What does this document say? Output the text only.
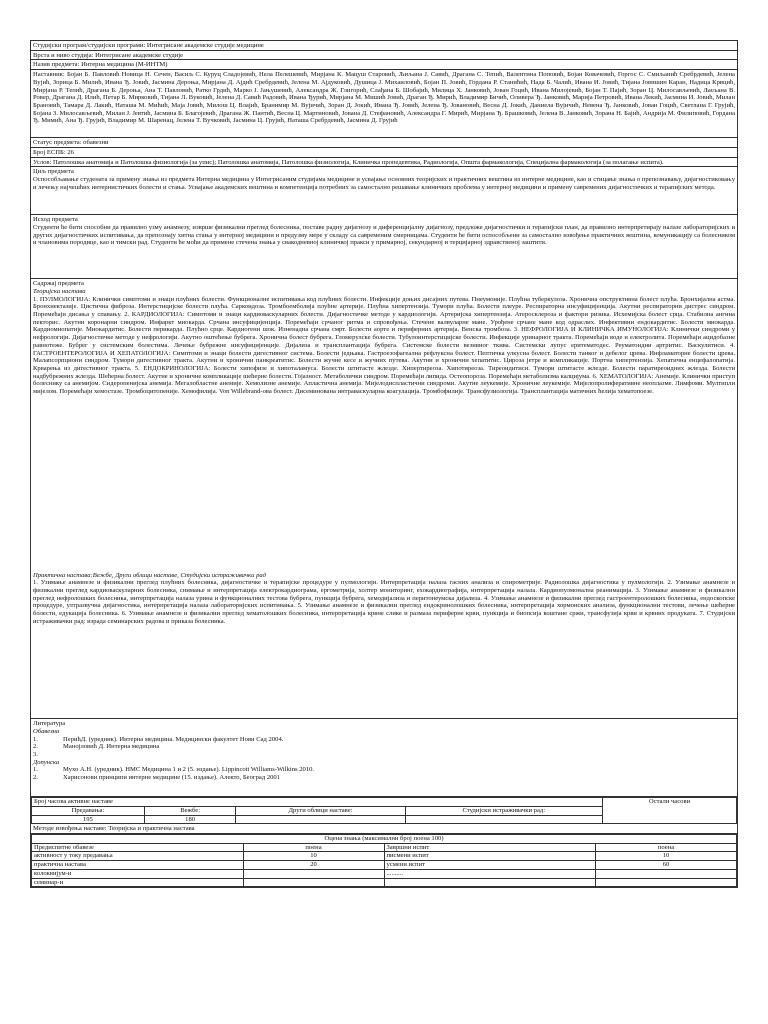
Студијски програм/студијски програми: Интегрисане академске студије медицине
Врста и ниво студија: Интегрисане академске студије
Назив предмета: Интерна медицина (М-ИНТМ)
Наставник: Бојан Б. Павловић Новица Н. Сечен, Васиљ С. Куруц Сладојевић, Нела Пелешевић, Мирјана К. Мацуш Старовић, Љиљана Ј. Савић, Драгана С. Тепић, Валентина Поповић, Бојан Ковачевић, Горгос С. Смиљанић Сребрдевић, Јелена Вујић, Зорица Б. Милић, Ивана Ђ. Јовић, Јасмина Дероња, Мирјана Д. Ајдић Сребрдевић, Јелена М. Ајдуковић, Душица Ј. Михаиловић, Бојан П. Јовић, Гордана Р. Станићић, Нада Б. Чалић, Ивана И. Јовић, Тијана Јовишин Каран, Надица Крвцић, Мирјана Р. Тепић, Драгана Б. Дероња, Ана Т. Павловић, Ратко Грдић, Марко Ј. Јањушевић, Александра Ж. Глигорић, Слађана Б. Шобајић, Милица Х. Јанковић, Јован Гоцић, Ивана Милојевић, Бојан Т. Пајић, Зоран Ц. Милосављевић, Љиљана В. Ровер, Драгана Д. Илић, Петар Б. Мирковић, Тијана Л. Вуковић, Јелена Д. Савић Радовић, Ивана Ђурић, Мирјана М. Мишић Јовић, Драган Ђ. Мирић, Владимир Бичић, Оливера Ђ. Јанковић, Марија Петровић, Ивана Лекић, Јасмина И. Јовић, Милан Брановић, Тамара Д. Лакић, Наташа М. Мићић, Маја Јовић, Милош Ц. Влајић, Бранимир М. Вујичић, Зоран Д. Јокић, Ивана Ђ. Јовић, Јелена Ђ. Јовановић, Весна Д. Јокић, Даниела Вујичић, Невена Ђ. Јанковић, Јован Гоцић, Светлана Г. Грујић, Бојана З. Милосављевић, Милан Ј. Јевтић, Јасмина Б. Благојевић, Драгана Ж. Пантић, Весна Ц. Мартиновић, Јована Д. Стефановић, Александра Г. Мирић, Мирјана Ђ. Брашковић, Јелена В. Јанковић, Зорана Н. Бајић, Андрија М. Филиповић, Гордана Ђ. Мимић, Ана Ђ. Грујић, Владимир М. Шаренац, Јелена Т. Вучковић, Јасмина Ц. Грујић, Наташа Сребрдевић, Јасмина Д. Грујић
Статус предмета: обавезни
Број ЕСПБ: 26
Услов: Патолошка анатомија и Патолошка физиологија (за упис); Патолошка анатомија, Патолошка физиологија, Клиничка пропедевтика, Радиологија, Општа фармакологија, Специјална фармакологија (за полагање испита).
Циљ предмета
Оспособљавање студената за примену знања из предмета Интерна медицина у Интегрисаним студијама медицине и усвајање основних теоријских и практичних вештина из интерне медицине, као и стицање знања о препознавању, дијагностиковању и лечењу најчешћих интернистичких болести и стања. Усвајање академских вештина и компетенција потребних за самостално решавање клиничких проблема у интерној медицини и примену савремених дијагностичких и терапијских метода.
Исход предмета
Студенти ће бити способни да правилно узму анамнезу, изврше физикални преглед болесника, поставе радну дијагнозу и диференцијалну дијагнозу, предложе дијагностички и терапијски план, да правилно интерпретирају налазе лабораторијских и других дијагностичких испитивања, да препознају хитна стања у интерној медицини и предузму мере у складу са савременим смерницама. Студенти ће бити оспособљени за самостално извођење практичних вештина, комуникацију са болесником и члановима породице, као и тимски рад. Студенти ће моћи да примене стечена знања у свакодневној клиничкој пракси у примарној, секундарној и терцијарној здравственој заштити.
Садржај предмета
Теоријска настава
1. ПУЛМОЛОГИЈА: Клинички симптоми и знаци плућних болести. Функционалне испитивања код плућних болести. Инфекције доњих дисајних путева. Пнеумоније. Плућна туберкулоза. Хронична опструктивна болест плућа. Бронхијална астма. Бронхиектазије. Цистична фиброза. Интерстицијске болести плућа. Саркоидоза. Тромбоемболија плућне артерије. Плућна хипертензија. Тумори плућа. Болести плеуре. Респираторна инсуфицијенција. Акутни респираторни дистрес синдром. Поремећаји дисања у спавању. 2. КАРДИОЛОГИЈА: Симптоми и знаци кардиоваскуларних болести. Дијагностичке методе у кардиологији. Артеријска хипертензија. Атеросклероза и фактори ризика. Исхемијска болест срца. Стабилна ангина пекторис. Акутни коронарни синдром. Инфаркт миокарда. Срчана инсуфицијенција. Поремећаји срчаног ритма и спровођења. Стечене валвуларне мане. Урођене срчане мане код одраслих. Инфективни ендокардитис. Болести миокарда. Кардиомиопатије. Миокардитис. Болести перикарда. Плућно срце. Кардиогени шок. Изненадна срчана смрт. Болести аорте и периферних артерија. Венска тромбоза. 3. НЕФРОЛОГИЈА И КЛИНИЧКА ИМУНОЛОГИЈА: Клинички синдроми у нефрологији. Дијагностичке методе у нефрологији. Акутно оштећење бубрега. Хронична болест бубрега. Гломерулске болести. Тубулоинтерстицијске болести. Инфекције уринарног тракта. Поремећаји воде и електролита. Поремећаји ацидобазне равнотеже. Бубрег у системским болестима. Лечење бубрежне инсуфицијенције. Дијализа и трансплантација бубрега. Системске болести везивног ткива. Системски лупус еритематодес. Реуматоидни артритис. Васкулитиси. 4. ГАСТРОЕНТЕРОЛОГИЈА И ХЕПАТОЛОГИЈА: Симптоми и знаци болести дигестивног система. Болести једњака. Гастроезофагеална рефлуксна болест. Пептичка улкусна болест. Болести танког и дебелог црева. Инфламаторне болести црева. Малапсорпциони синдром. Тумори дигестивног тракта. Акутни и хронични панкреатитис. Болести жучне кесе и жучних путева. Акутни и хронични хепатитис. Цироза јетре и компликације. Портна хипертензија. Хепатична енцефалопатија. Крварења из дигестивног тракта. 5. ЕНДОКРИНОЛОГИЈА: Болести хипофизе и хипоталамуса. Болести штитасте жлезде. Хипертиреоза. Хипотиреоза. Тиреоидитиси. Тумори штитасте жлезде. Болести паратиреоидних жлезда. Болести надбубрежних жлезда. Шећерна болест. Акутне и хроничне компликације шећерне болести. Гојазност. Метаболички синдром. Поремећаји липида. Остеопороза. Поремећаји метаболизма калцијума. 6. ХЕМАТОЛОГИЈА: Анемије. Клинички приступ болеснику са анемијом. Сидеропенијска анемија. Мегалобластне анемије. Хемолизне анемије. Апластична анемија. Мијелодиспластични синдроми. Акутне леукемије. Хроничне леукемије. Мијелопролиферативне неоплазме. Лимфоми. Мултипли мијелом. Поремећаји хемостазе. Тромбоцитопеније. Хемофилија. Von Willebrand-ова болест. Дисеминована интраваскуларна коагулација. Тромбофилије. Трансфузиологија. Трансплантација матичних ћелија хематопоезе.
Практична настава:Вежбе, Други облици наставе, Студијски истраживачки рад
1. Узимање анамнезе и физикални преглед плућних болесника, дијагностичке и терапијске процедуре у пулмологији. Интерпретација налаза гасних анализа и спирометрије. Радиолошка дијагностика у пулмологији. 2. Узимање анамнезе и физикални преглед кардиоваскуларних болесника, снимање и интерпретација електрокардиограма, ергометрија, холтер мониторинг, ехокардиографија, интерпретација налаза. Кардиопулмонална реанимација. 3. Узимање анамнезе и физикални преглед нефролошких болесника, интерпретација налаза урина и функционалних тестова бубрега, пункција бубрега, хемодијализа и перитонеумска дијализа. 4. Узимање анамнезе и физикални преглед гастроентеролошких болесника, ендоскопске процедуре, ултразвучна дијагностика, интерпретација налаза лабораторијских испитивања. 5. Узимање анамнезе и физикални преглед ендокринолошких болесника, интерпретација хормонских анализа, функционални тестови, лечење шећерне болести, едукација болесника. 6. Узимање анамнезе и физикални преглед хематолошких болесника, интерпретација крвне слике и размаза периферне крви, пункција и биопсија коштане сржи, трансфузија крви и крвних продуката. 7. Студијски истраживачки рад: израда семинарских радова и приказа болесника.
Литература
Обавезна
1.	ПерићД. (уредник). Интерна медицина. Медицински факултет Нови Сад 2004.
2.	Манојловић Д. Интерна медицина
3.
Допунска
1.	Мухо А.Н. (уредник). НМС Медицина 1 и 2 (5. издање). Lippincott Williams-Wilkins 2010.
2.	Харисонови принципи интерне медицине (15. издање). Алекто, Београд 2001
Број часова активне наставе				Остали часови
Предавања:	Вежбе:	Други облици наставе:	Студијски истраживачки рад:	
195	180			
Методе извођења наставе: Теоријска и практична настава
Оцена знања (максимални број поена 100)			
Предиспитне обавезе	поена	Завршни испит	поена
активност у току предавања	10	писмени испит	10
практична настава	20	усмени испит	60
колоквијум-и		..........	
семинар-и			
